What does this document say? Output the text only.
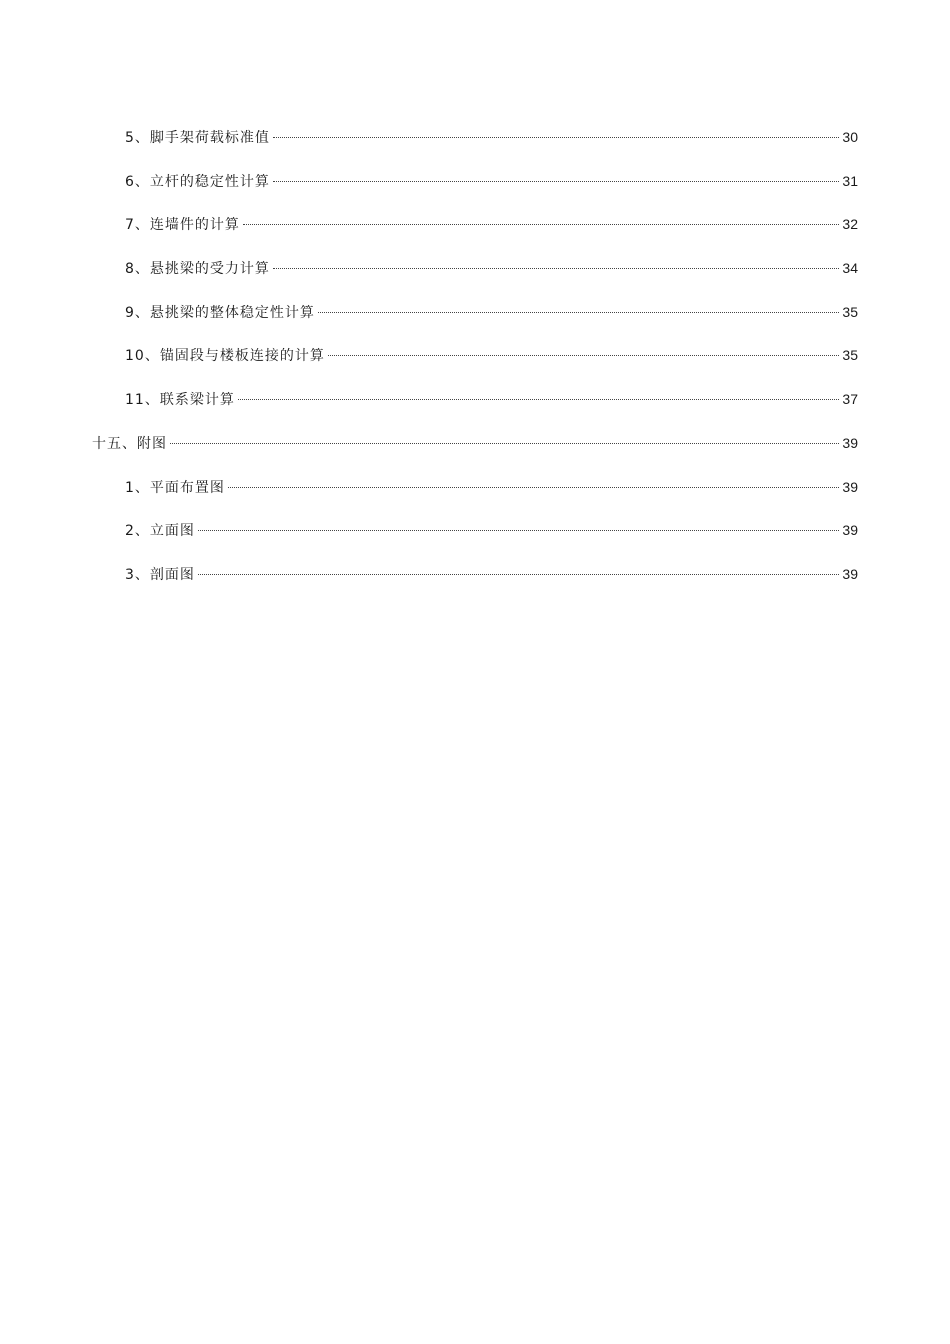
5、脚手架荷载标准值	30
6、立杆的稳定性计算	31
7、连墙件的计算	32
8、悬挑梁的受力计算	34
9、悬挑梁的整体稳定性计算	35
10、锚固段与楼板连接的计算	35
11、联系梁计算	37
十五、附图	39
1、平面布置图	39
2、立面图	39
3、剖面图	39
